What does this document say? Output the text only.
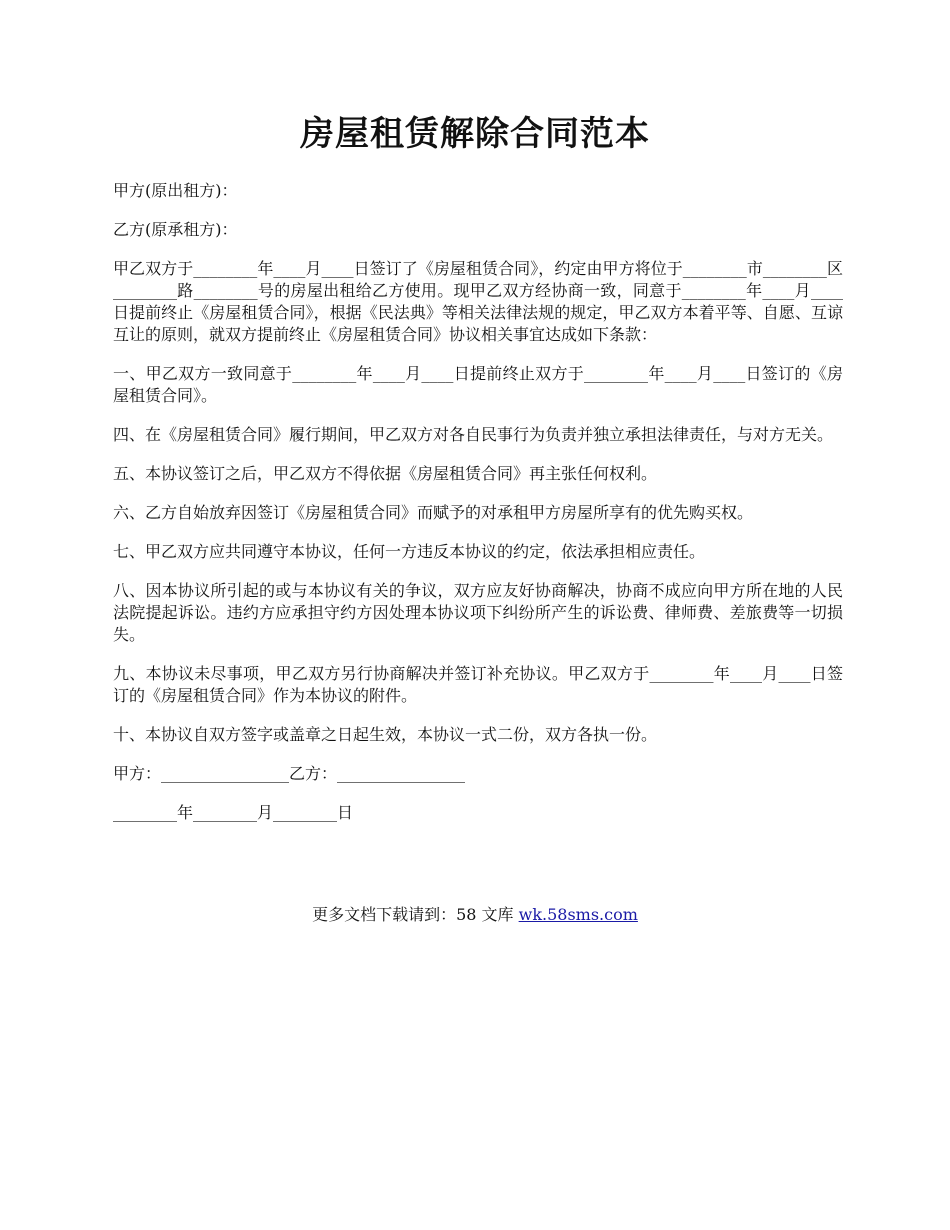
房屋租赁解除合同范本

甲方(原出租方)：

乙方(原承租方)：

甲乙双方于________年____月____日签订了《房屋租赁合同》，约定由甲方将位于________市________区________路________号的房屋出租给乙方使用。现甲乙双方经协商一致，同意于________年____月____日提前终止《房屋租赁合同》，根据《民法典》等相关法律法规的规定，甲乙双方本着平等、自愿、互谅互让的原则，就双方提前终止《房屋租赁合同》协议相关事宜达成如下条款：

一、甲乙双方一致同意于________年____月____日提前终止双方于________年____月____日签订的《房屋租赁合同》。

四、在《房屋租赁合同》履行期间，甲乙双方对各自民事行为负责并独立承担法律责任，与对方无关。

五、本协议签订之后，甲乙双方不得依据《房屋租赁合同》再主张任何权利。

六、乙方自始放弃因签订《房屋租赁合同》而赋予的对承租甲方房屋所享有的优先购买权。

七、甲乙双方应共同遵守本协议，任何一方违反本协议的约定，依法承担相应责任。

八、因本协议所引起的或与本协议有关的争议，双方应友好协商解决，协商不成应向甲方所在地的人民法院提起诉讼。违约方应承担守约方因处理本协议项下纠纷所产生的诉讼费、律师费、差旅费等一切损失。

九、本协议未尽事项，甲乙双方另行协商解决并签订补充协议。甲乙双方于________年____月____日签订的《房屋租赁合同》作为本协议的附件。

十、本协议自双方签字或盖章之日起生效，本协议一式二份，双方各执一份。

甲方：________________乙方：________________

________年________月________日

更多文档下载请到：58 文库 wk.58sms.com
